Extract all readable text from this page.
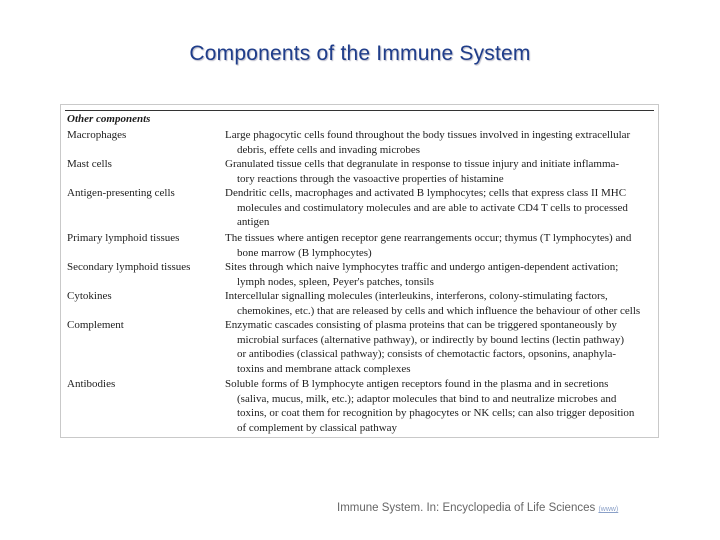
Components of the Immune System
Other components
Macrophages	Large phagocytic cells found throughout the body tissues involved in ingesting extracellular
debris, effete cells and invading microbes
Mast cells	Granulated tissue cells that degranulate in response to tissue injury and initiate inflamma-
tory reactions through the vasoactive properties of histamine
Antigen-presenting cells	Dendritic cells, macrophages and activated B lymphocytes; cells that express class II MHC
molecules and costimulatory molecules and are able to activate CD4 T cells to processed
antigen
Primary lymphoid tissues	The tissues where antigen receptor gene rearrangements occur; thymus (T lymphocytes) and
bone marrow (B lymphocytes)
Secondary lymphoid tissues	Sites through which naive lymphocytes traffic and undergo antigen-dependent activation;
lymph nodes, spleen, Peyer's patches, tonsils
Cytokines	Intercellular signalling molecules (interleukins, interferons, colony-stimulating factors,
chemokines, etc.) that are released by cells and which influence the behaviour of other cells
Complement	Enzymatic cascades consisting of plasma proteins that can be triggered spontaneously by
microbial surfaces (alternative pathway), or indirectly by bound lectins (lectin pathway)
or antibodies (classical pathway); consists of chemotactic factors, opsonins, anaphyla-
toxins and membrane attack complexes
Antibodies	Soluble forms of B lymphocyte antigen receptors found in the plasma and in secretions
(saliva, mucus, milk, etc.); adaptor molecules that bind to and neutralize microbes and
toxins, or coat them for recognition by phagocytes or NK cells; can also trigger deposition
of complement by classical pathway
Immune System. In: Encyclopedia of Life Sciences (www)
